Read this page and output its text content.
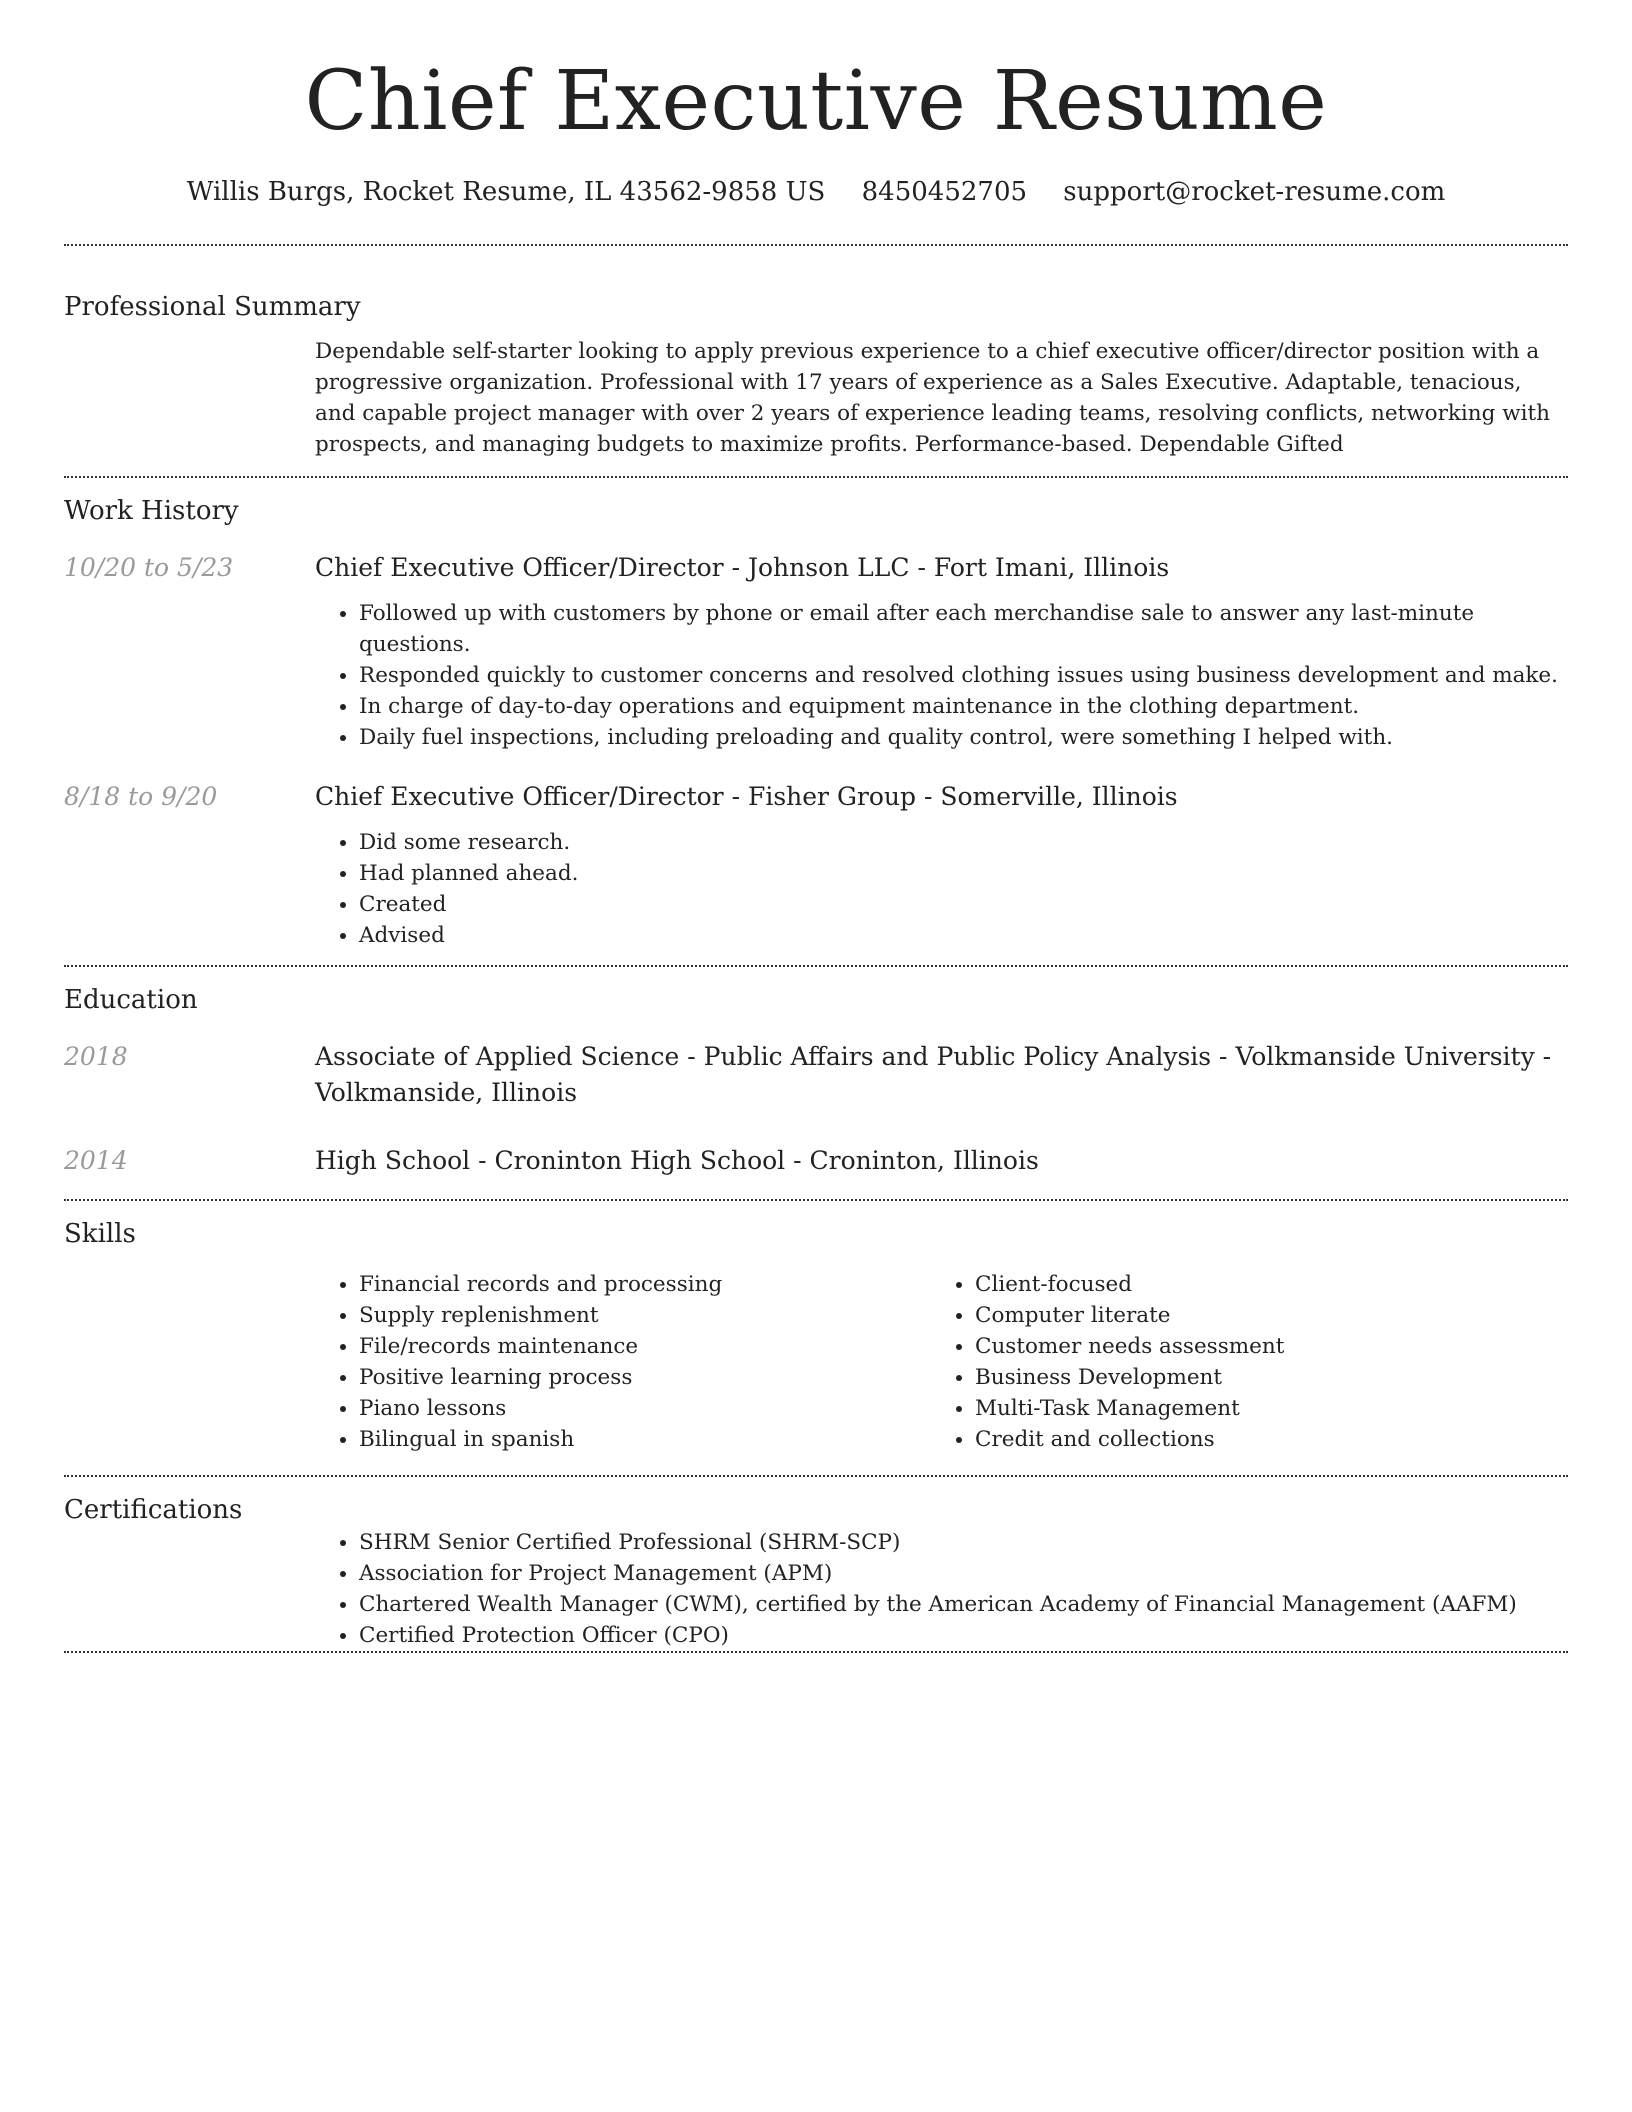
Chief Executive Resume
Willis Burgs, Rocket Resume, IL 43562-9858 US 8450452705 support@rocket-resume.com
Professional Summary
Dependable self-starter looking to apply previous experience to a chief executive officer/director position with a progressive organization. Professional with 17 years of experience as a Sales Executive. Adaptable, tenacious, and capable project manager with over 2 years of experience leading teams, resolving conflicts, networking with prospects, and managing budgets to maximize profits. Performance-based. Dependable Gifted
Work History
10/20 to 5/23	Chief Executive Officer/Director - Johnson LLC - Fort Imani, Illinois
• Followed up with customers by phone or email after each merchandise sale to answer any last-minute questions.
• Responded quickly to customer concerns and resolved clothing issues using business development and make.
• In charge of day-to-day operations and equipment maintenance in the clothing department.
• Daily fuel inspections, including preloading and quality control, were something I helped with.
8/18 to 9/20	Chief Executive Officer/Director - Fisher Group - Somerville, Illinois
• Did some research.
• Had planned ahead.
• Created
• Advised
Education
2018	Associate of Applied Science - Public Affairs and Public Policy Analysis - Volkmanside University - Volkmanside, Illinois
2014	High School - Croninton High School - Croninton, Illinois
Skills
• Financial records and processing
• Supply replenishment
• File/records maintenance
• Positive learning process
• Piano lessons
• Bilingual in spanish
• Client-focused
• Computer literate
• Customer needs assessment
• Business Development
• Multi-Task Management
• Credit and collections
Certifications
• SHRM Senior Certified Professional (SHRM-SCP)
• Association for Project Management (APM)
• Chartered Wealth Manager (CWM), certified by the American Academy of Financial Management (AAFM)
• Certified Protection Officer (CPO)
